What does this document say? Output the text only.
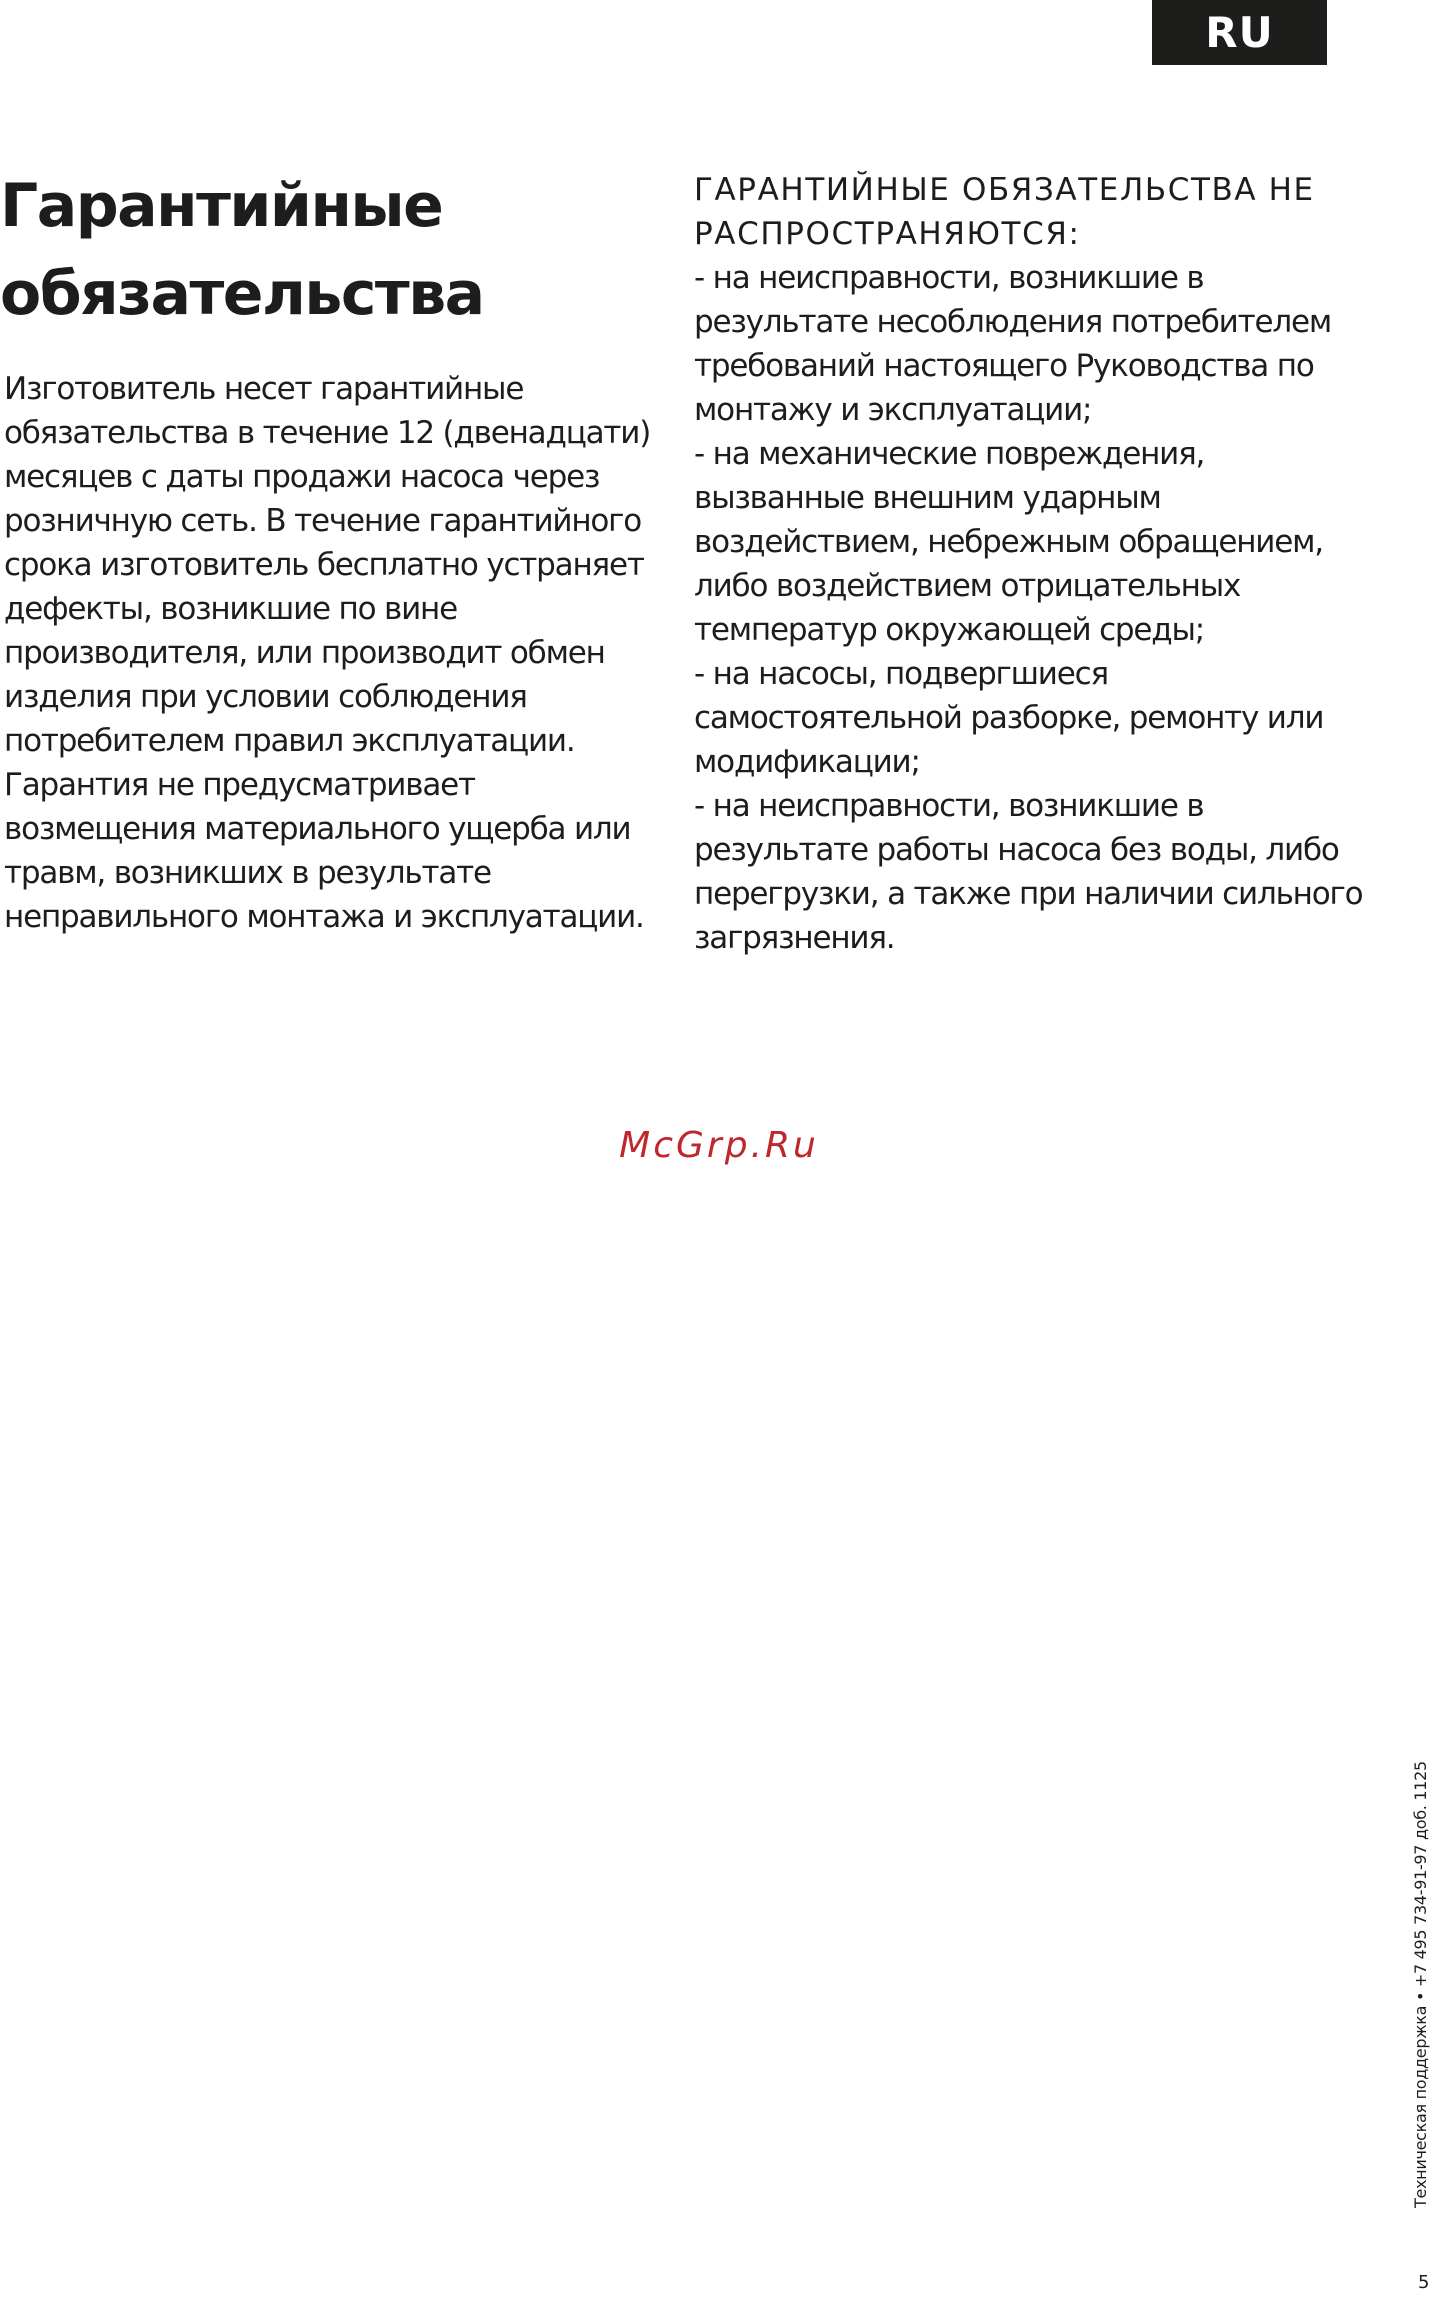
RU
Гарантийные
обязательства

Изготовитель несет гарантийные обязательства в течение 12 (двенадцати) месяцев с даты продажи насоса через розничную сеть. В течение гарантийного срока изготовитель бесплатно устраняет дефекты, возникшие по вине производителя, или производит обмен изделия при условии соблюдения потребителем правил эксплуатации. Гарантия не предусматривает возмещения материального ущерба или травм, возникших в результате неправильного монтажа и эксплуатации.

ГАРАНТИЙНЫЕ ОБЯЗАТЕЛЬСТВА НЕ
РАСПРОСТРАНЯЮТСЯ:

- на неисправности, возникшие в результате несоблюдения потребителем требований настоящего Руководства по монтажу и эксплуатации;
- на механические повреждения, вызванные внешним ударным воздействием, небрежным обращением, либо воздействием отрицательных температур окружающей среды;
- на насосы, подвергшиеся самостоятельной разборке, ремонту или модификации;
- на неисправности, возникшие в результате работы насоса без воды, либо перегрузки, а также при наличии сильного загрязнения.

McGrp.Ru
Техническая поддержка • +7 495 734-91-97 доб. 1125
5
